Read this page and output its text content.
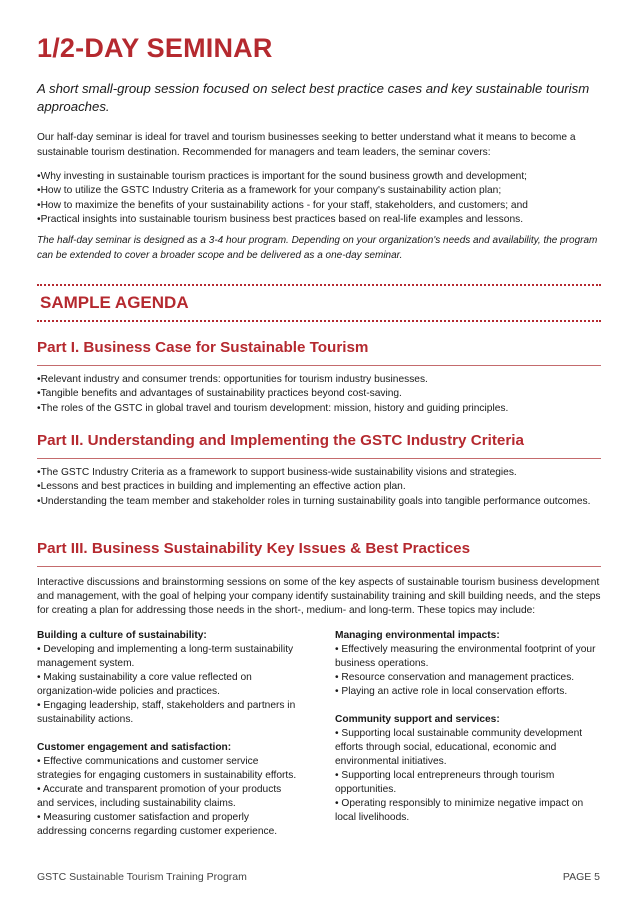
1/2-DAY SEMINAR

A short small-group session focused on select best practice cases and key sustainable tourism approaches.

Our half-day seminar is ideal for travel and tourism businesses seeking to better understand what it means to become a sustainable tourism destination. Recommended for managers and team leaders, the seminar covers:

• Why investing in sustainable tourism practices is important for the sound business growth and development;
• How to utilize the GSTC Industry Criteria as a framework for your company's sustainability action plan;
• How to maximize the benefits of your sustainability actions - for your staff, stakeholders, and customers; and
• Practical insights into sustainable tourism business best practices based on real-life examples and lessons.

The half-day seminar is designed as a 3-4 hour program. Depending on your organization's needs and availability, the program can be extended to cover a broader scope and be delivered as a one-day seminar.

SAMPLE AGENDA
Part I. Business Case for Sustainable Tourism
• Relevant industry and consumer trends: opportunities for tourism industry businesses.
• Tangible benefits and advantages of sustainability practices beyond cost-saving.
• The roles of the GSTC in global travel and tourism development: mission, history and guiding principles.
Part II. Understanding and Implementing the GSTC Industry Criteria
• The GSTC Industry Criteria as a framework to support business-wide sustainability visions and strategies.
• Lessons and best practices in building and implementing an effective action plan.
• Understanding the team member and stakeholder roles in turning sustainability goals into tangible performance outcomes.
Part III. Business Sustainability Key Issues & Best Practices

Interactive discussions and brainstorming sessions on some of the key aspects of sustainable tourism business development and management, with the goal of helping your company identify sustainability training and skill building needs, and the steps for creating a plan for addressing those needs in the short-, medium- and long-term. These topics may include:

Building a culture of sustainability:

• Developing and implementing a long-term sustainability management system.

• Making sustainability a core value reflected on organization-wide policies and practices.

• Engaging leadership, staff, stakeholders and partners in sustainability actions.

Customer engagement and satisfaction:

• Effective communications and customer service strategies for engaging customers in sustainability efforts.

• Accurate and transparent promotion of your products and services, including sustainability claims.

• Measuring customer satisfaction and properly addressing concerns regarding customer experience.

Managing environmental impacts:

• Effectively measuring the environmental footprint of your business operations.

• Resource conservation and management practices.

• Playing an active role in local conservation efforts.

Community support and services:

• Supporting local sustainable community development efforts through social, educational, economic and environmental initiatives.

• Supporting local entrepreneurs through tourism opportunities.

• Operating responsibly to minimize negative impact on local livelihoods.

GSTC Sustainable Tourism Training Program	PAGE 5
